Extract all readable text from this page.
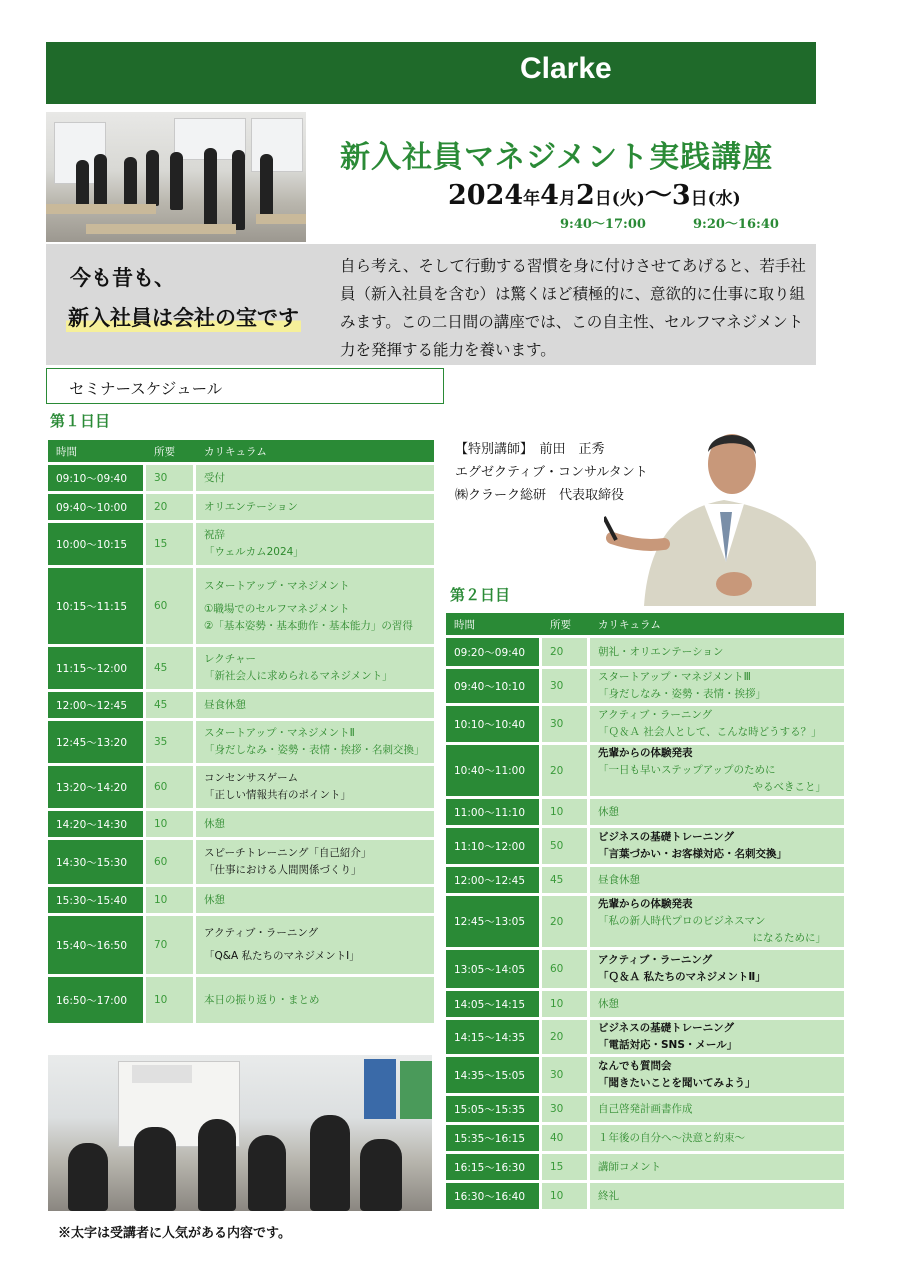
Clarke
新入社員マネジメント実践講座
2024年4月2日(火)～3日(水)
9:40～17:00	9:20～16:40
今も昔も、
新入社員は会社の宝です
自ら考え、そして行動する習慣を身に付けさせてあげると、若手社員（新入社員を含む）は驚くほど積極的に、意欲的に仕事に取り組みます。この二日間の講座では、この自主性、セルフマネジメント力を発揮する能力を養います。
セミナースケジュール
第１日目
時間	所要	カリキュラム
09:10～09:40	30	受付

09:40～10:00	20	オリエンテーション

10:00～10:15	15	祝辞
「ウェルカム2024」

10:15～11:15	60	スタートアップ・マネジメント
①職場でのセルフマネジメント
②「基本姿勢・基本動作・基本能力」の習得

11:15～12:00	45	レクチャー
「新社会人に求められるマネジメント」

12:00～12:45	45	昼食休憩

12:45～13:20	35	スタートアップ・マネジメントⅡ
「身だしなみ・姿勢・表情・挨拶・名刺交換」

13:20～14:20	60	コンセンサスゲーム
「正しい情報共有のポイント」

14:20～14:30	10	休憩

14:30～15:30	60	スピーチトレーニング「自己紹介」
「仕事における人間関係づくり」

15:30～15:40	10	休憩

15:40～16:50	70	アクティブ・ラーニング
「Q&A 私たちのマネジメントⅠ」

16:50～17:00	10	本日の振り返り・まとめ
【特別講師】　前田　正秀
エグゼクティブ・コンサルタント
㈱クラーク総研　代表取締役
第２日目
時間	所要	カリキュラム
09:20～09:40	20	朝礼・オリエンテーション

09:40～10:10	30	スタートアップ・マネジメントⅢ
「身だしなみ・姿勢・表情・挨拶」

10:10～10:40	30	アクティブ・ラーニング
「Ｑ＆Ａ 社会人として、こんな時どうする？」

10:40～11:00	20	先輩からの体験発表
「一日も早いステップアップのために
やるべきこと」

11:00～11:10	10	休憩

11:10～12:00	50	ビジネスの基礎トレーニング
「言葉づかい・お客様対応・名刺交換」

12:00～12:45	45	昼食休憩

12:45～13:05	20	先輩からの体験発表
「私の新人時代プロのビジネスマン
になるために」

13:05～14:05	60	アクティブ・ラーニング
「Ｑ＆Ａ 私たちのマネジメントⅡ」

14:05～14:15	10	休憩

14:15～14:35	20	ビジネスの基礎トレーニング
「電話対応・SNS・メール」

14:35～15:05	30	なんでも質問会
「聞きたいことを聞いてみよう」

15:05～15:35	30	自己啓発計画書作成

15:35～16:15	40	１年後の自分へ～決意と約束～

16:15～16:30	15	講師コメント

16:30～16:40	10	終礼
※太字は受講者に人気がある内容です。
